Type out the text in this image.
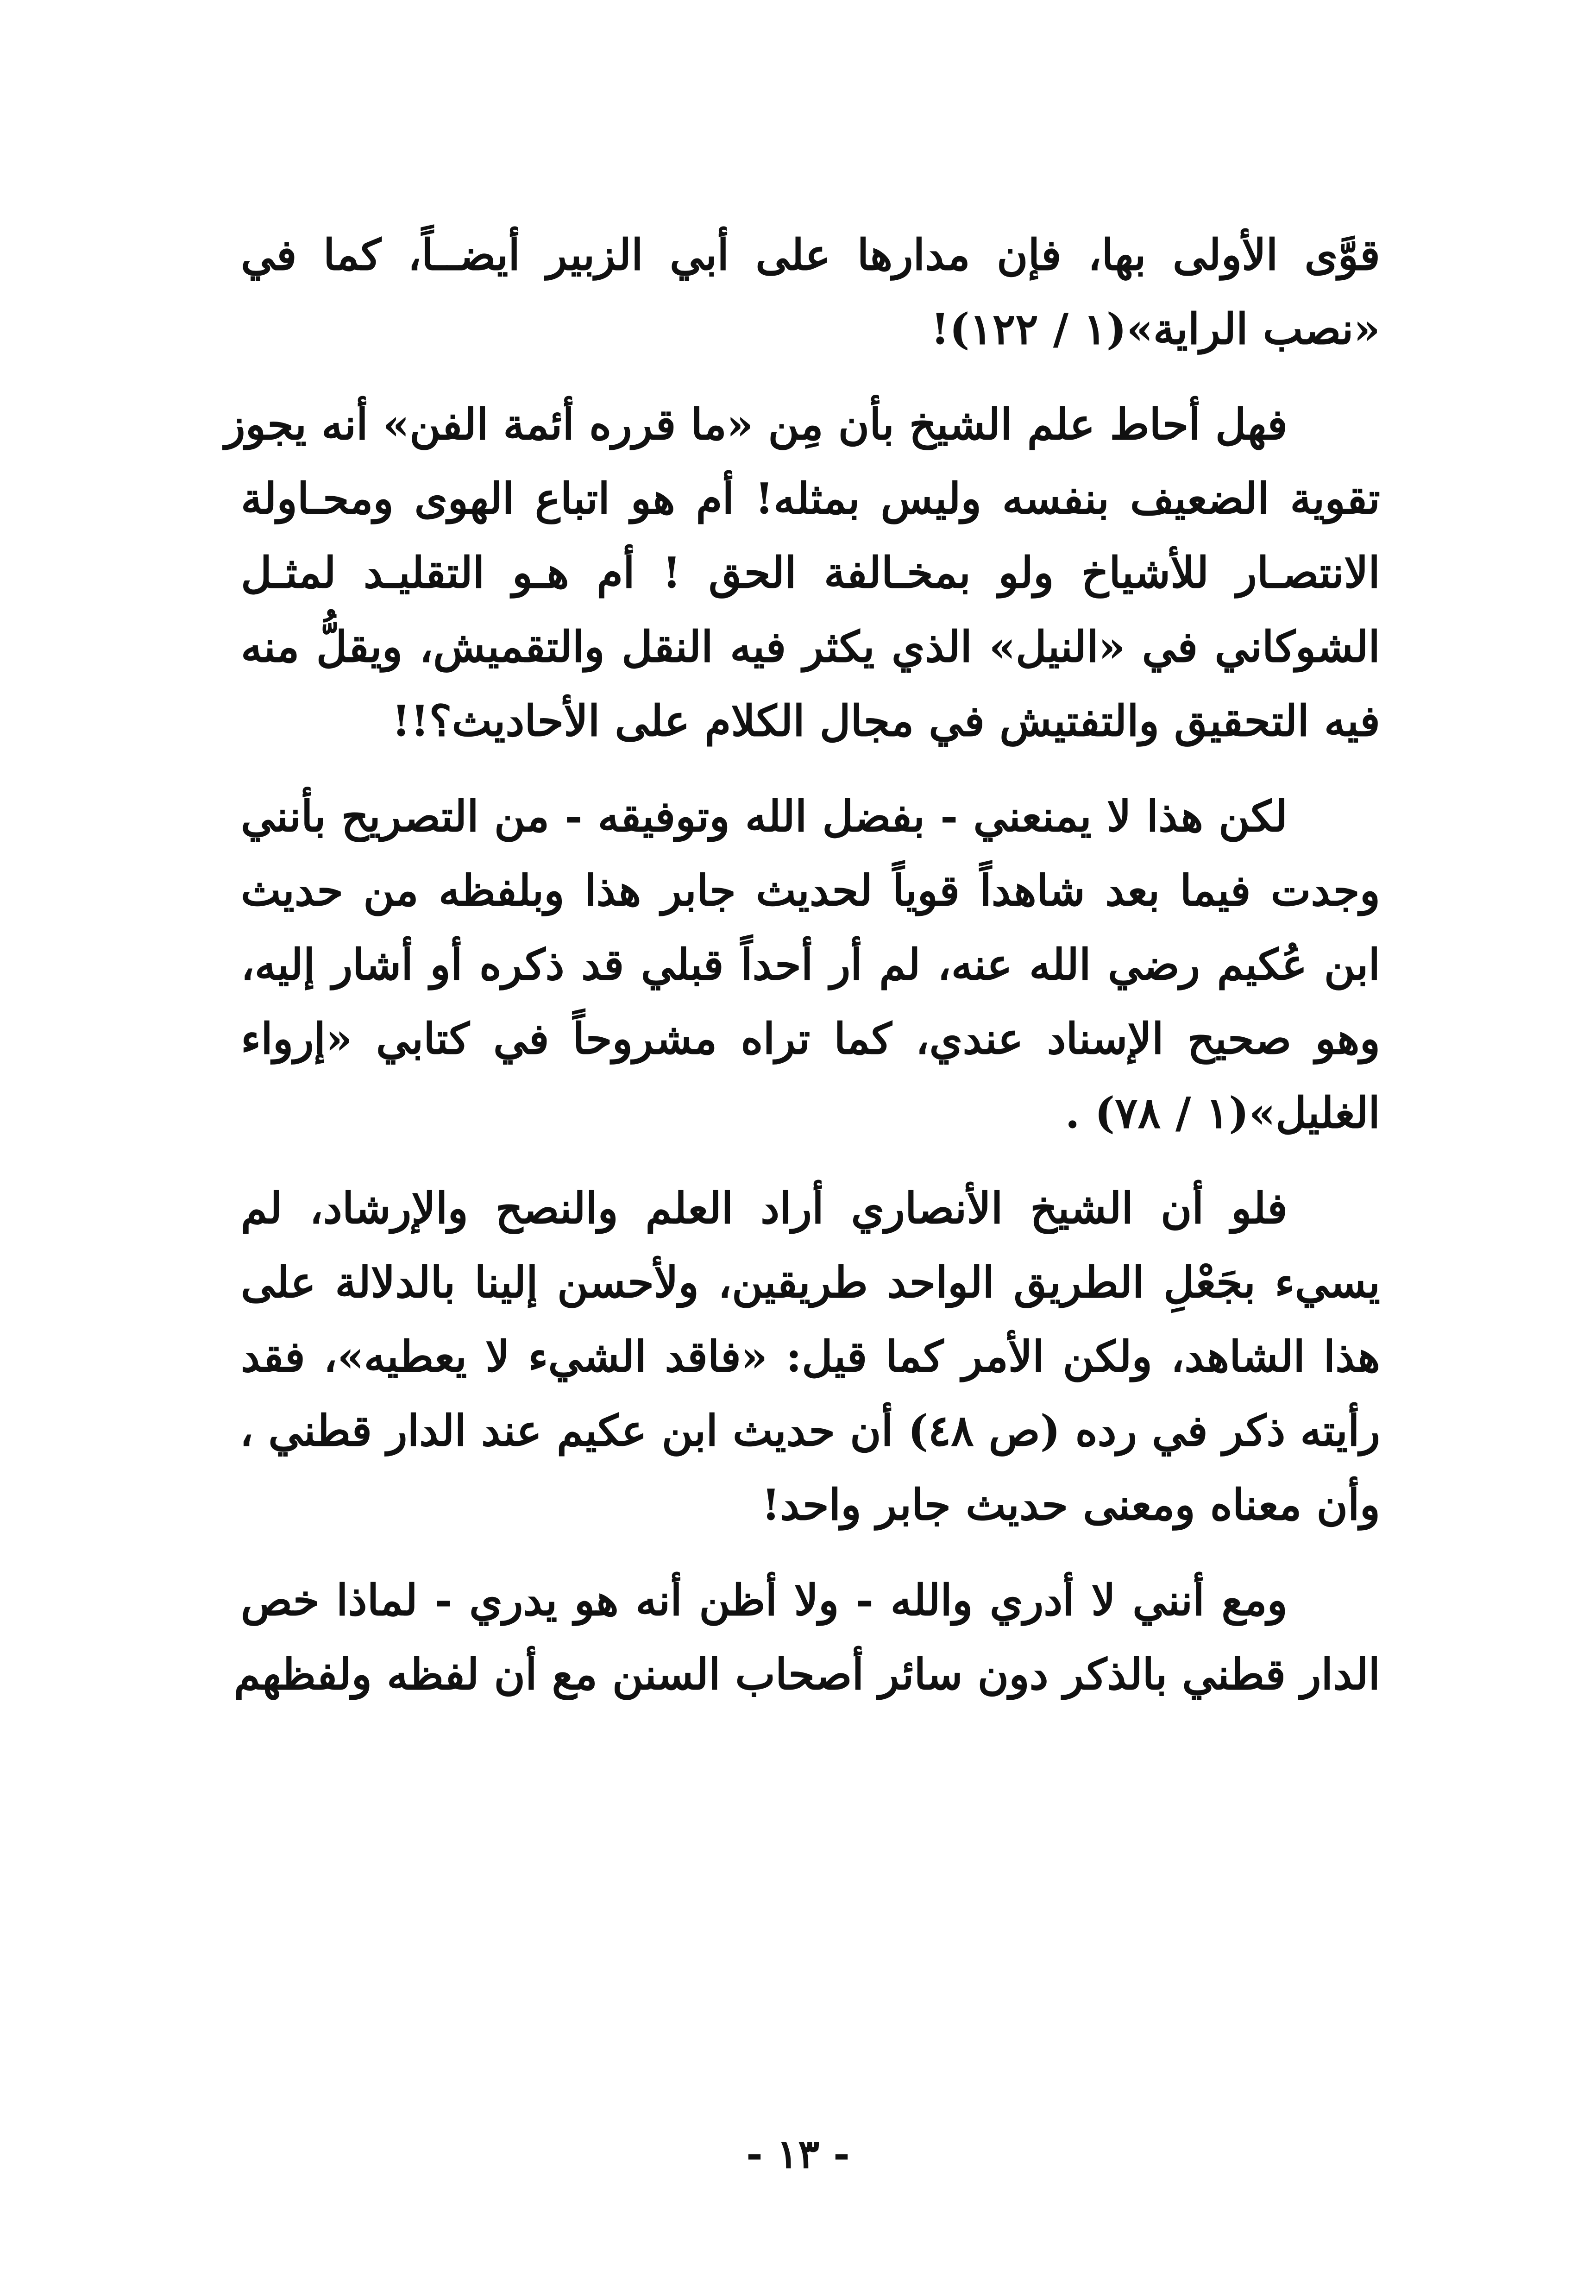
قوَّى الأولى بها، فإن مدارها على أبي الزبير أيضــاً، كما في
«نصب الراية»(١ / ١٢٢)!
فهل أحاط علم الشيخ بأن مِن «ما قرره أئمة الفن» أنه يجوز
تقوية الضعيف بنفسه وليس بمثله! أم هو اتباع الهوى ومحـاولة
الانتصـار للأشياخ ولو بمخـالفة الحق ! أم هـو التقليـد لمثـل
الشوكاني في «النيل» الذي يكثر فيه النقل والتقميش، ويقلُّ منه
فيه التحقيق والتفتيش في مجال الكلام على الأحاديث؟!!
لكن هذا لا يمنعني - بفضل الله وتوفيقه - من التصريح بأنني
وجدت فيما بعد شاهداً قوياً لحديث جابر هذا وبلفظه من حديث
ابن عُكيم رضي الله عنه، لم أر أحداً قبلي قد ذكره أو أشار إليه،
وهو صحيح الإسناد عندي، كما تراه مشروحاً في كتابي «إرواء
الغليل»(١ / ٧٨) .
فلو أن الشيخ الأنصاري أراد العلم والنصح والإرشاد، لم
يسيء بجَعْلِ الطريق الواحد طريقين، ولأحسن إلينا بالدلالة على
هذا الشاهد، ولكن الأمر كما قيل: «فاقد الشيء لا يعطيه»، فقد
رأيته ذكر في رده (ص ٤٨) أن حديث ابن عكيم عند الدار قطني ،
وأن معناه ومعنى حديث جابر واحد!
ومع أنني لا أدري والله - ولا أظن أنه هو يدري - لماذا خص
الدار قطني بالذكر دون سائر أصحاب السنن مع أن لفظه ولفظهم
- ١٣ -
